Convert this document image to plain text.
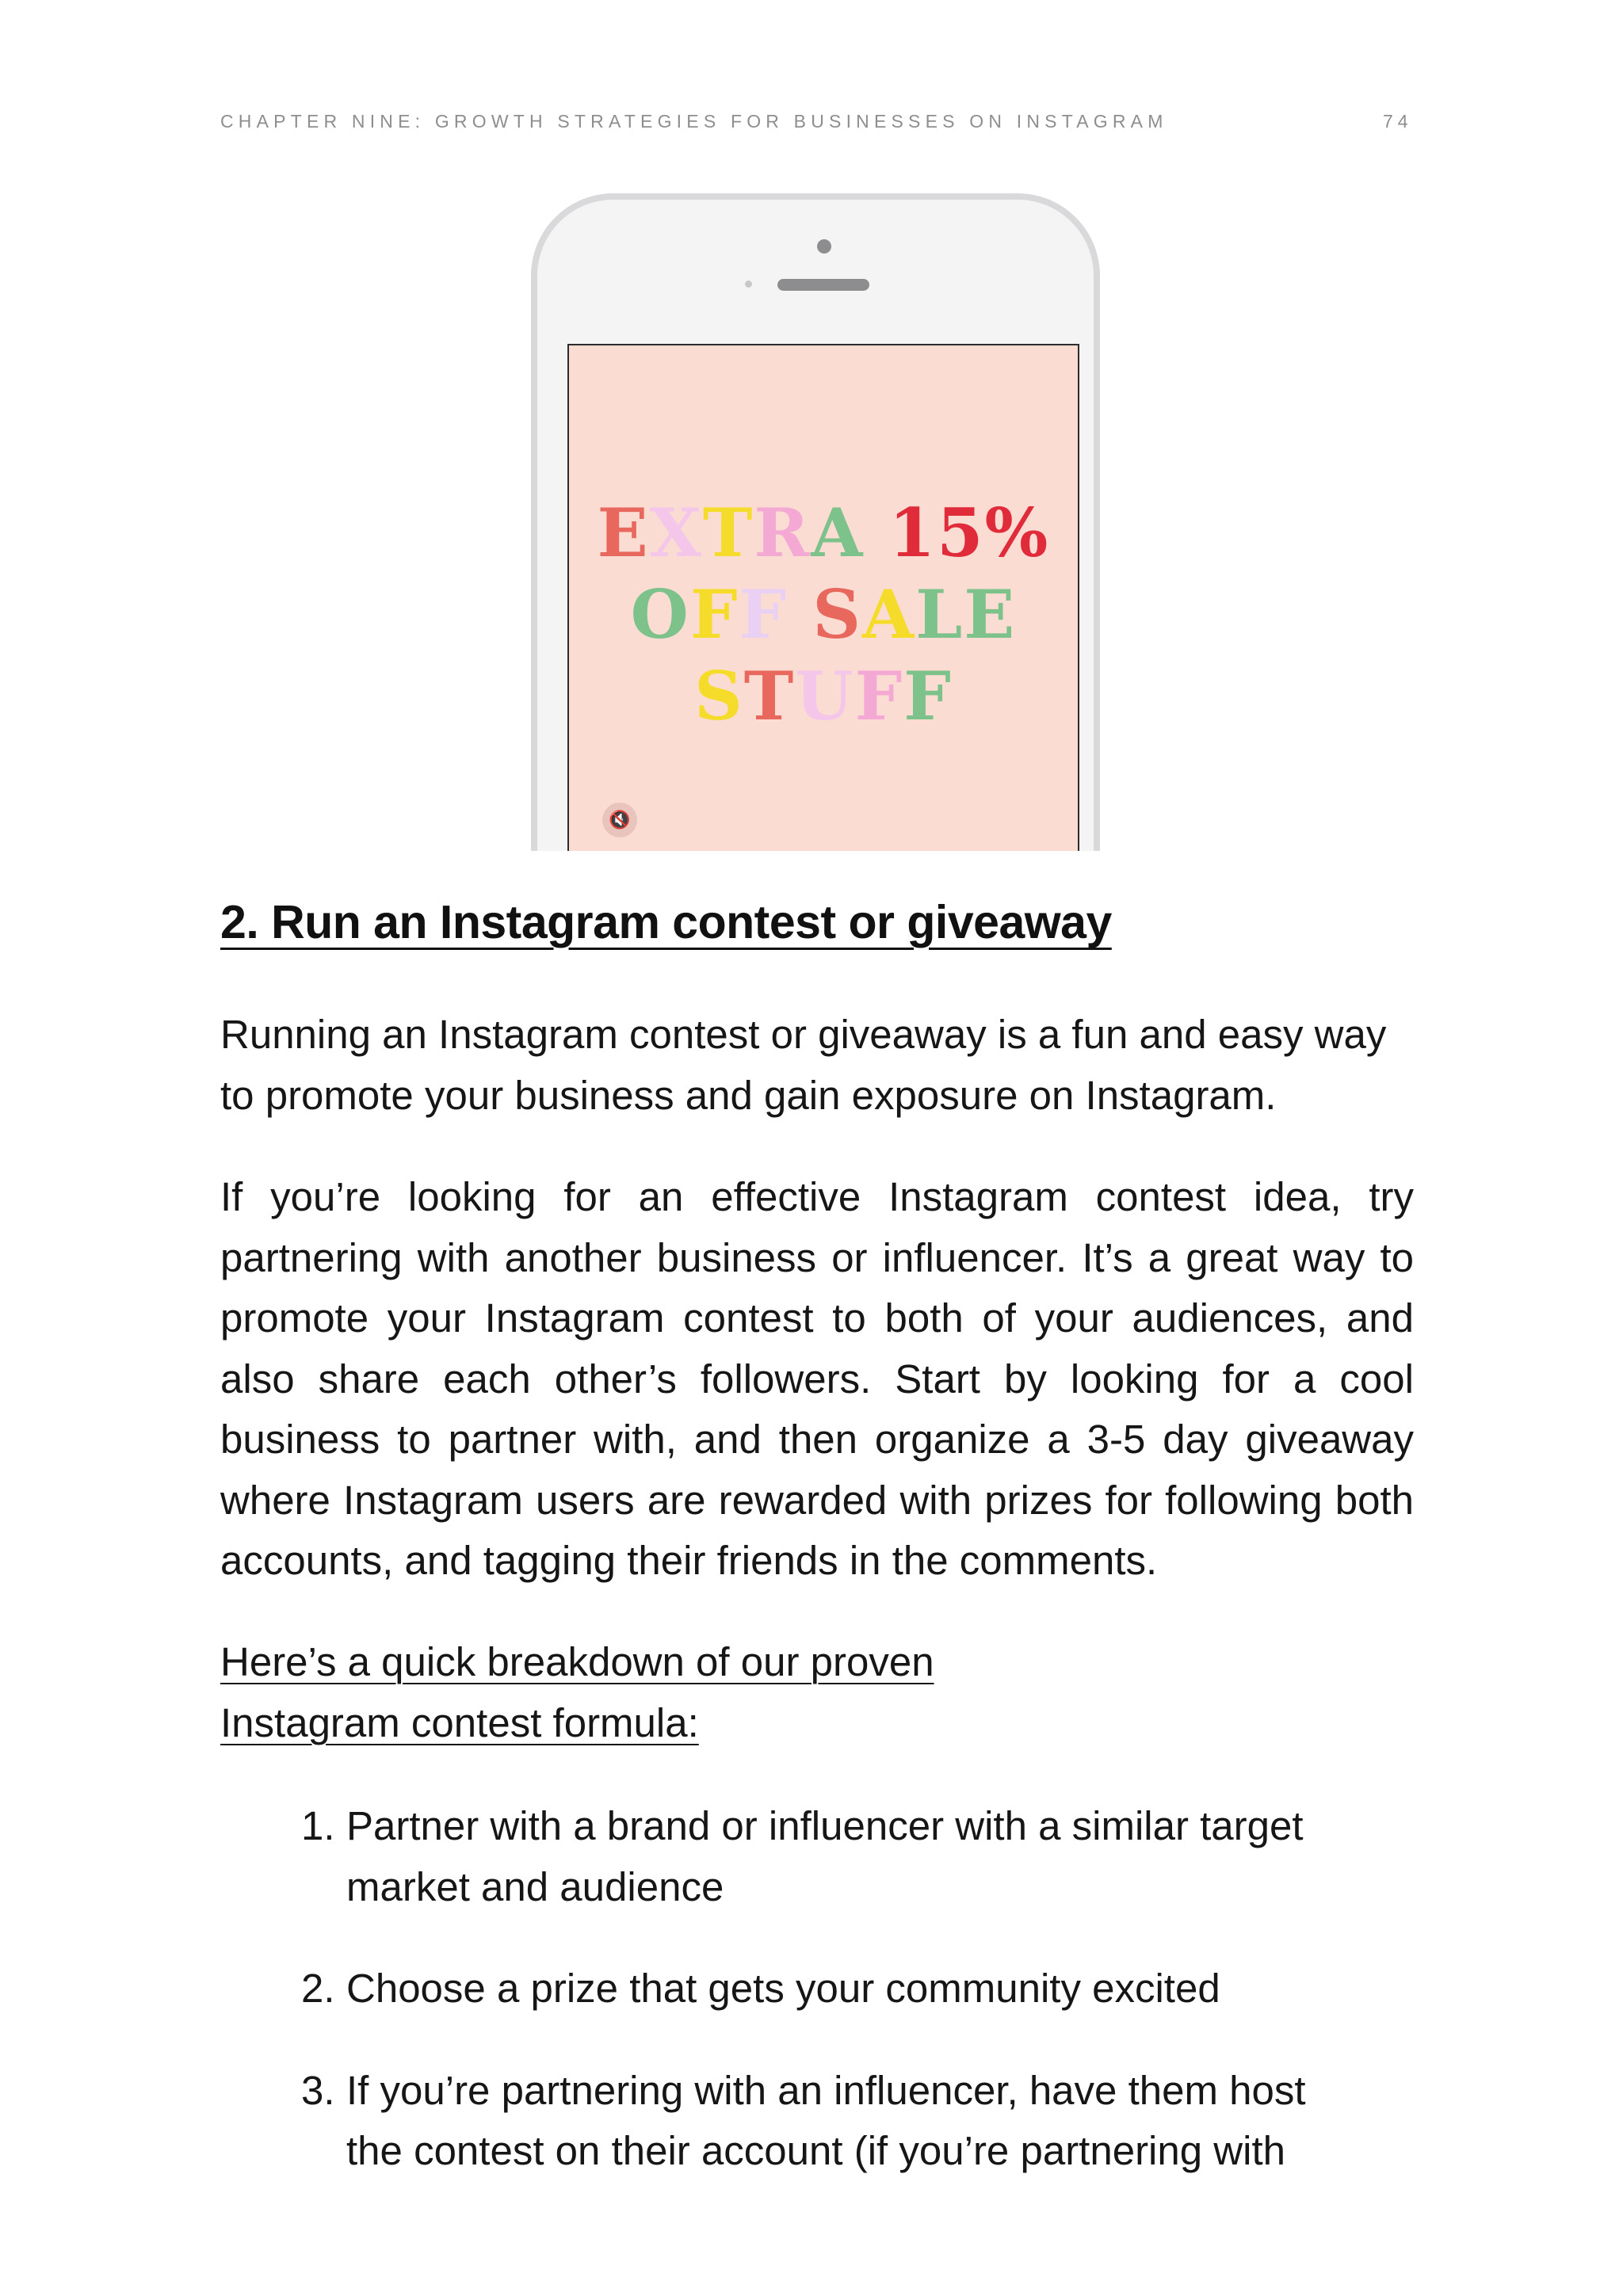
CHAPTER NINE: GROWTH STRATEGIES FOR BUSINESSES ON INSTAGRAM	74
EXTRA 15%
OFF SALE
STUFF
🔇
2. Run an Instagram contest or giveaway

Running an Instagram contest or giveaway is a fun and easy way to promote your business and gain exposure on Instagram.

If you’re looking for an effective Instagram contest idea, try partnering with another business or influencer. It’s a great way to promote your Instagram contest to both of your audiences, and also share each other’s followers. Start by looking for a cool business to partner with, and then organize a 3-5 day giveaway where Instagram users are rewarded with prizes for following both accounts, and tagging their friends in the comments.

Here’s a quick breakdown of our proven
Instagram contest formula:

1. Partner with a brand or influencer with a similar target market and audience
2. Choose a prize that gets your community excited
3. If you’re partnering with an influencer, have them host the contest on their account (if you’re partnering with
